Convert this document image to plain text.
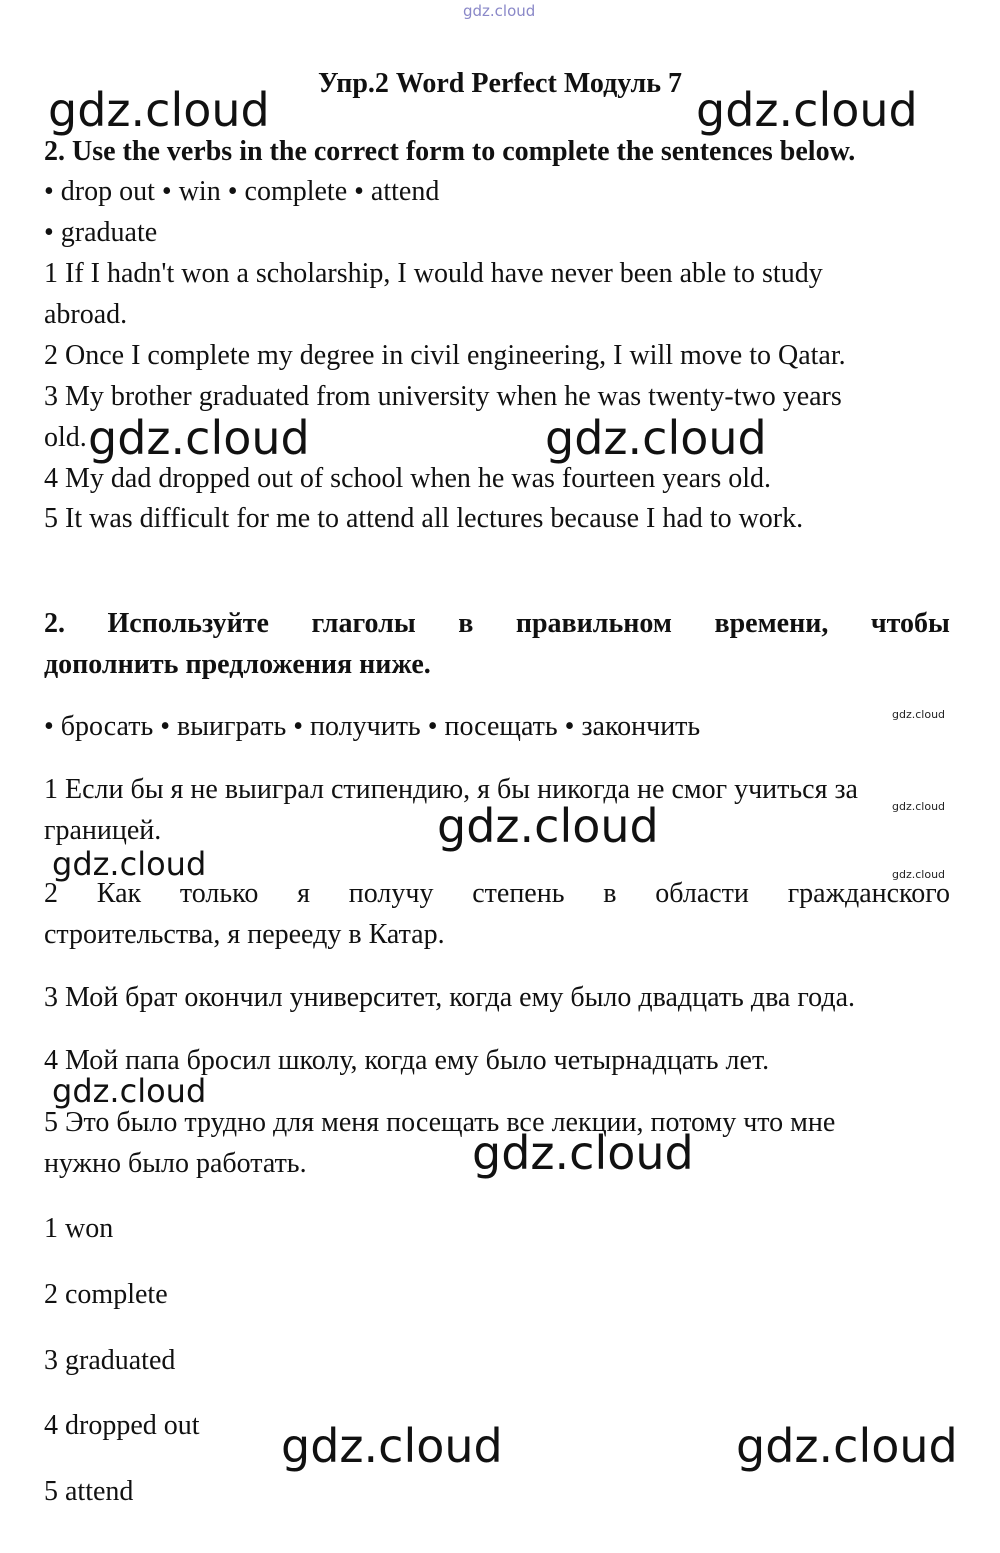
gdz.cloud
Упр.2 Word Perfect Модуль 7
2. Use the verbs in the correct form to complete the sentences below.
• drop out • win • complete • attend
• graduate
1 If I hadn't won a scholarship, I would have never been able to study
abroad.
2 Once I complete my degree in civil engineering, I will move to Qatar.
3 My brother graduated from university when he was twenty-two years
old.
4 My dad dropped out of school when he was fourteen years old.
5 It was difficult for me to attend all lectures because I had to work.
2. Используйте глаголы в правильном времени, чтобы
дополнить предложения ниже.
• бросать • выиграть • получить • посещать • закончить
1 Если бы я не выиграл стипендию, я бы никогда не смог учиться за
границей.
2 Как только я получу степень в области гражданского
строительства, я перееду в Катар.
3 Мой брат окончил университет, когда ему было двадцать два года.
4 Мой папа бросил школу, когда ему было четырнадцать лет.
5 Это было трудно для меня посещать все лекции, потому что мне
нужно было работать.
1 won
2 complete
3 graduated
4 dropped out
5 attend
gdz.cloud	gdz.cloud
gdz.cloud	gdz.cloud
gdz.cloud
gdz.cloud
gdz.cloud
gdz.cloud
gdz.cloud
gdz.cloud
gdz.cloud
gdz.cloud	gdz.cloud
